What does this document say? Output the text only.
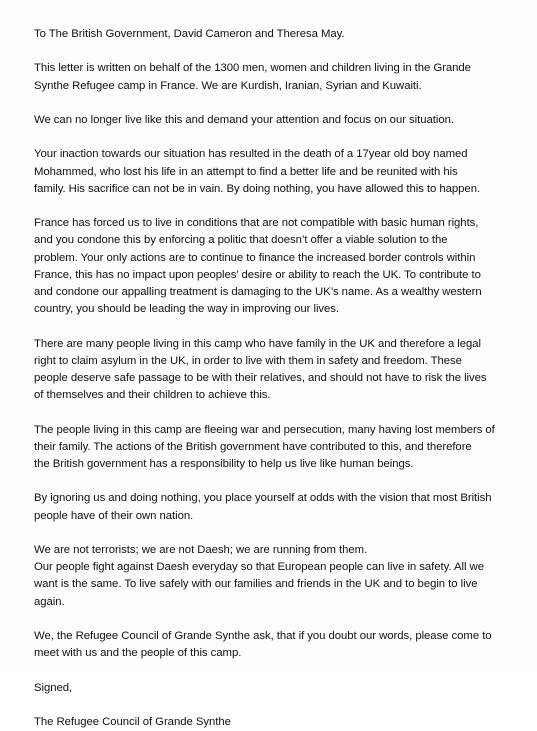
To The British Government, David Cameron and Theresa May.

This letter is written on behalf of the 1300 men, women and children living in the Grande
Synthe Refugee camp in France. We are Kurdish, Iranian, Syrian and Kuwaiti.

We can no longer live like this and demand your attention and focus on our situation.

Your inaction towards our situation has resulted in the death of a 17year old boy named
Mohammed, who lost his life in an attempt to find a better life and be reunited with his
family. His sacrifice can not be in vain. By doing nothing, you have allowed this to happen.

France has forced us to live in conditions that are not compatible with basic human rights,
and you condone this by enforcing a politic that doesn’t offer a viable solution to the
problem. Your only actions are to continue to finance the increased border controls within
France, this has no impact upon peoples’ desire or ability to reach the UK. To contribute to
and condone our appalling treatment is damaging to the UK’s name. As a wealthy western
country, you should be leading the way in improving our lives.

There are many people living in this camp who have family in the UK and therefore a legal
right to claim asylum in the UK, in order to live with them in safety and freedom. These
people deserve safe passage to be with their relatives, and should not have to risk the lives
of themselves and their children to achieve this.

The people living in this camp are fleeing war and persecution, many having lost members of
their family. The actions of the British government have contributed to this, and therefore
the British government has a responsibility to help us live like human beings.

By ignoring us and doing nothing, you place yourself at odds with the vision that most British
people have of their own nation.

We are not terrorists; we are not Daesh; we are running from them.
Our people fight against Daesh everyday so that European people can live in safety. All we
want is the same. To live safely with our families and friends in the UK and to begin to live
again.

We, the Refugee Council of Grande Synthe ask, that if you doubt our words, please come to
meet with us and the people of this camp.

Signed,

The Refugee Council of Grande Synthe
